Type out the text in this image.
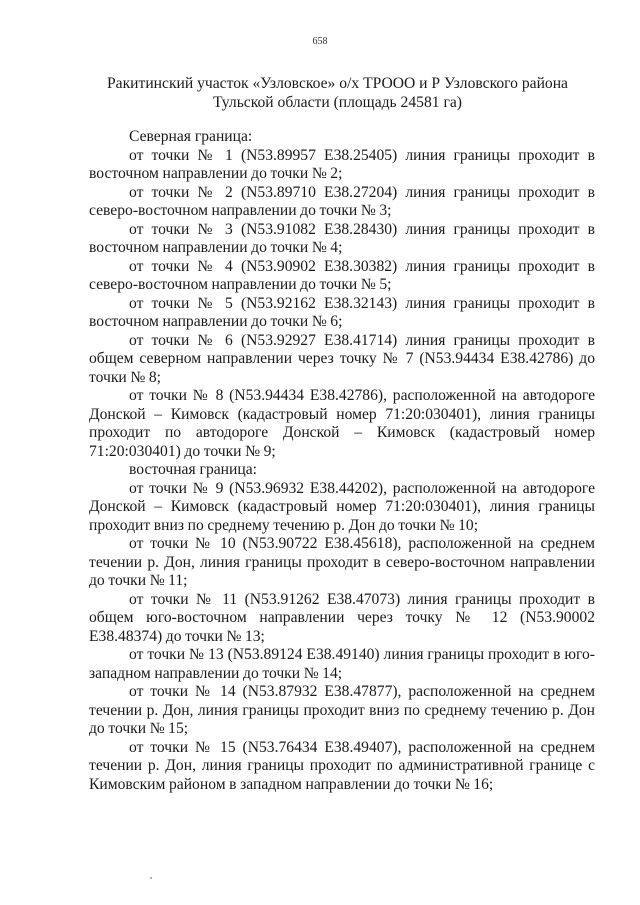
658
Ракитинский участок «Узловское» о/х ТРООО и Р Узловского района
Тульской области (площадь 24581 га)

Северная граница:

от точки № 1 (N53.89957 E38.25405) линия границы проходит в восточном направлении до точки № 2;

от точки № 2 (N53.89710 E38.27204) линия границы проходит в северо-восточном направлении до точки № 3;

от точки № 3 (N53.91082 E38.28430) линия границы проходит в восточном направлении до точки № 4;

от точки № 4 (N53.90902 E38.30382) линия границы проходит в северо-восточном направлении до точки № 5;

от точки № 5 (N53.92162 E38.32143) линия границы проходит в восточном направлении до точки № 6;

от точки № 6 (N53.92927 E38.41714) линия границы проходит в общем северном направлении через точку № 7 (N53.94434 E38.42786) до точки № 8;

от точки № 8 (N53.94434 E38.42786), расположенной на автодороге Донской – Кимовск (кадастровый номер 71:20:030401), линия границы проходит по автодороге Донской – Кимовск (кадастровый номер 71:20:030401) до точки № 9;

восточная граница:

от точки № 9 (N53.96932 E38.44202), расположенной на автодороге Донской – Кимовск (кадастровый номер 71:20:030401), линия границы проходит вниз по среднему течению р. Дон до точки № 10;

от точки № 10 (N53.90722 E38.45618), расположенной на среднем течении р. Дон, линия границы проходит в северо-восточном направлении до точки № 11;

от точки № 11 (N53.91262 E38.47073) линия границы проходит в общем юго-восточном направлении через точку № 12 (N53.90002 E38.48374) до точки № 13;

от точки № 13 (N53.89124 E38.49140) линия границы проходит в юго-западном направлении до точки № 14;

от точки № 14 (N53.87932 E38.47877), расположенной на среднем течении р. Дон, линия границы проходит вниз по среднему течению р. Дон до точки № 15;

от точки № 15 (N53.76434 E38.49407), расположенной на среднем течении р. Дон, линия границы проходит по административной границе с Кимовским районом в западном направлении до точки № 16;
